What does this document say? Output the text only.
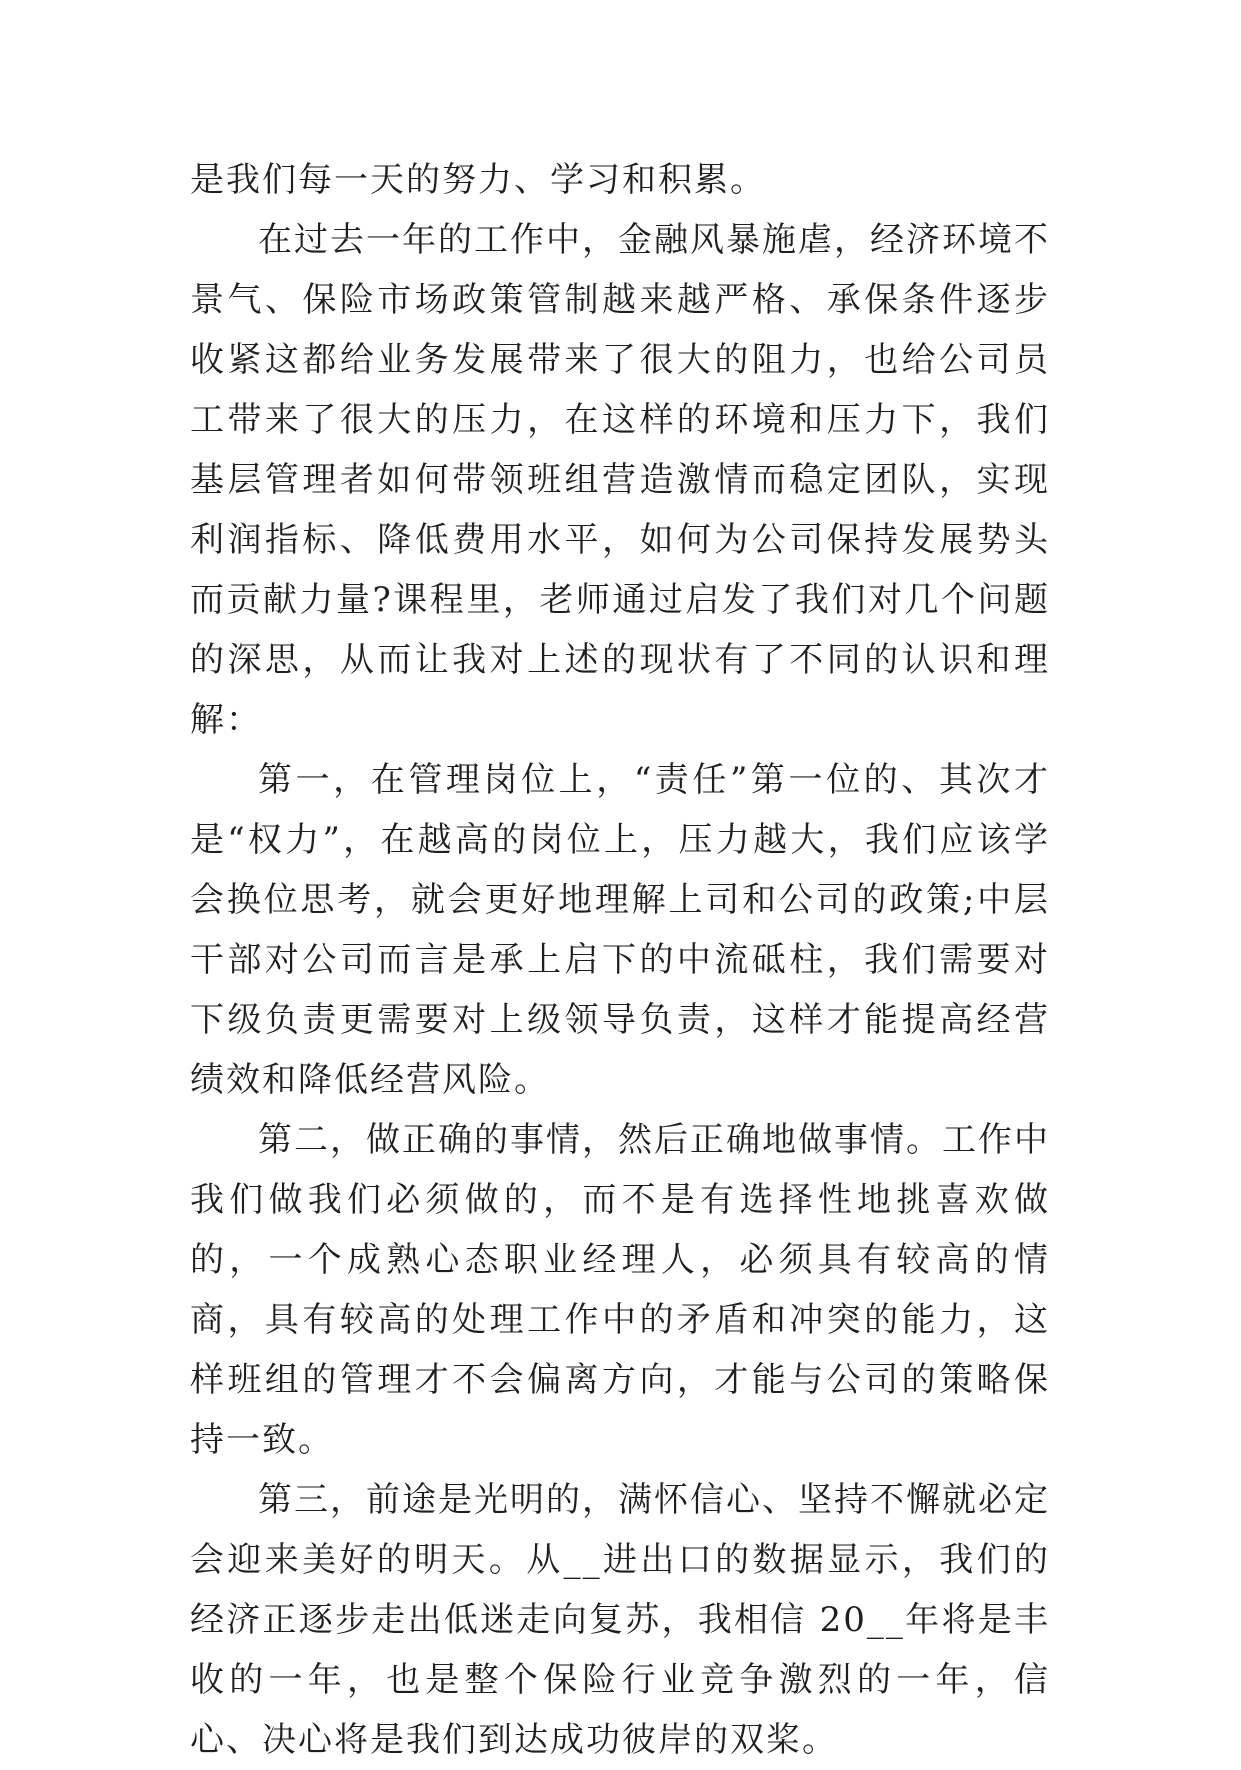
是我们每一天的努力、学习和积累。

在过去一年的工作中，金融风暴施虐，经济环境不景气、保险市场政策管制越来越严格、承保条件逐步收紧这都给业务发展带来了很大的阻力，也给公司员工带来了很大的压力，在这样的环境和压力下，我们基层管理者如何带领班组营造激情而稳定团队，实现利润指标、降低费用水平，如何为公司保持发展势头而贡献力量?课程里，老师通过启发了我们对几个问题的深思，从而让我对上述的现状有了不同的认识和理解：

第一，在管理岗位上，“责任”第一位的、其次才是“权力”，在越高的岗位上，压力越大，我们应该学会换位思考，就会更好地理解上司和公司的政策;中层干部对公司而言是承上启下的中流砥柱，我们需要对下级负责更需要对上级领导负责，这样才能提高经营绩效和降低经营风险。

第二，做正确的事情，然后正确地做事情。工作中我们做我们必须做的，而不是有选择性地挑喜欢做的，一个成熟心态职业经理人，必须具有较高的情商，具有较高的处理工作中的矛盾和冲突的能力，这样班组的管理才不会偏离方向，才能与公司的策略保持一致。

第三，前途是光明的，满怀信心、坚持不懈就必定会迎来美好的明天。从__进出口的数据显示，我们的经济正逐步走出低迷走向复苏，我相信 20__年将是丰收的一年，也是整个保险行业竞争激烈的一年，信心、决心将是我们到达成功彼岸的双桨。
